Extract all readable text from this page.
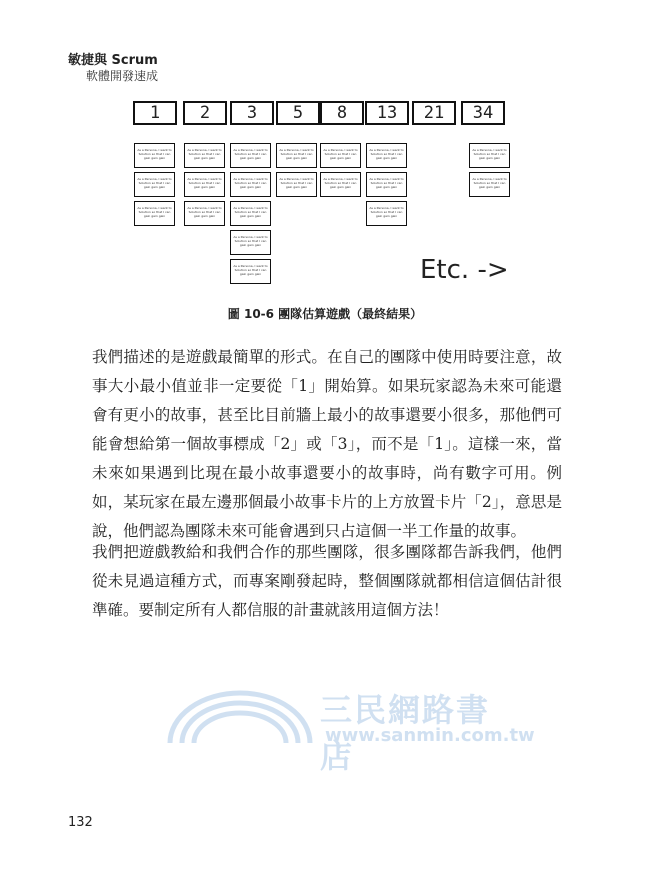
敏捷與 Scrum
軟體開發速成
1
As a Persona, I want to Solution so that I can gain gain gain
As a Persona, I want to Solution so that I can gain gain gain
As a Persona, I want to Solution so that I can gain gain gain
2
As a Persona, I want to Solution so that I can gain gain gain
As a Persona, I want to Solution so that I can gain gain gain
As a Persona, I want to Solution so that I can gain gain gain
3
As a Persona, I want to Solution so that I can gain gain gain
As a Persona, I want to Solution so that I can gain gain gain
As a Persona, I want to Solution so that I can gain gain gain
As a Persona, I want to Solution so that I can gain gain gain
As a Persona, I want to Solution so that I can gain gain gain
5
As a Persona, I want to Solution so that I can gain gain gain
As a Persona, I want to Solution so that I can gain gain gain
8
As a Persona, I want to Solution so that I can gain gain gain
As a Persona, I want to Solution so that I can gain gain gain
13
As a Persona, I want to Solution so that I can gain gain gain
As a Persona, I want to Solution so that I can gain gain gain
As a Persona, I want to Solution so that I can gain gain gain
21	34
As a Persona, I want to Solution so that I can gain gain gain
As a Persona, I want to Solution so that I can gain gain gain
Etc. ->
圖 10-6 團隊估算遊戲（最終結果）
我們描述的是遊戲最簡單的形式。在自己的團隊中使用時要注意，故事大小最小值並非一定要從「1」開始算。如果玩家認為未來可能還會有更小的故事，甚至比目前牆上最小的故事還要小很多，那他們可能會想給第一個故事標成「2」或「3」，而不是「1」。這樣一來，當未來如果遇到比現在最小故事還要小的故事時，尚有數字可用。例如，某玩家在最左邊那個最小故事卡片的上方放置卡片「2」，意思是說，他們認為團隊未來可能會遇到只占這個一半工作量的故事。
我們把遊戲教給和我們合作的那些團隊，很多團隊都告訴我們，他們從未見過這種方式，而專案剛發起時，整個團隊就都相信這個估計很準確。要制定所有人都信服的計畫就該用這個方法！
三民網路書店
www.sanmin.com.tw
132
